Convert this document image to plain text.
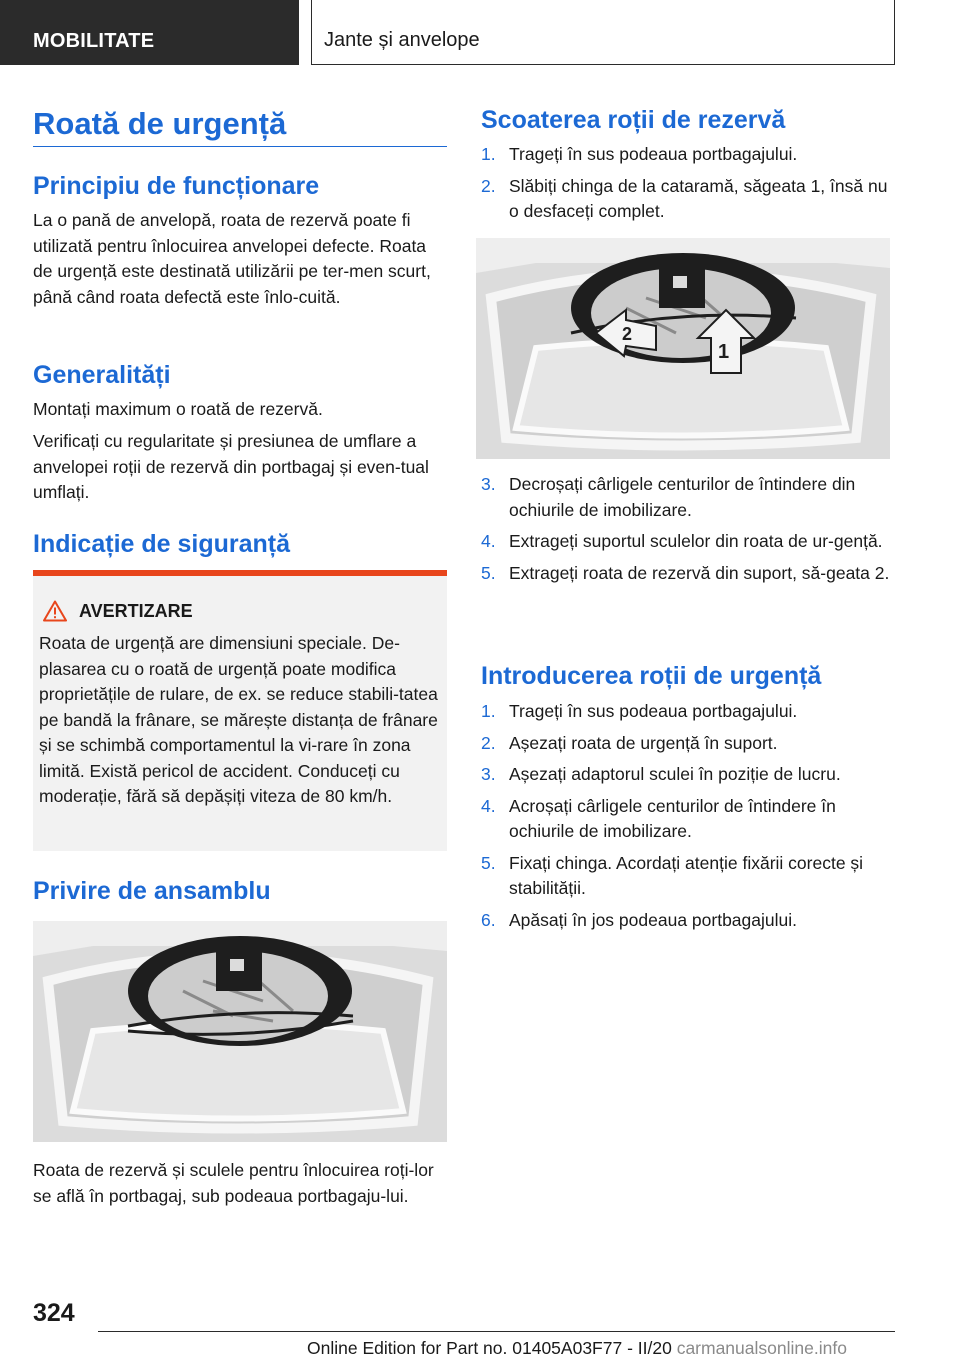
MOBILITATE	Jante și anvelope
Roată de urgență
Principiu de funcționare

La o pană de anvelopă, roata de rezervă poate fi utilizată pentru înlocuirea anvelopei defecte. Roata de urgență este destinată utilizării pe ter-men scurt, până când roata defectă este înlo-cuită.

Generalități

Montați maximum o roată de rezervă.

Verificați cu regularitate și presiunea de umflare a anvelopei roții de rezervă din portbagaj și even-tual umflați.

Indicație de siguranță
AVERTIZARE

Roata de urgență are dimensiuni speciale. De-plasarea cu o roată de urgență poate modifica proprietățile de rulare, de ex. se reduce stabili-tatea pe bandă la frânare, se mărește distanța de frânare și se schimbă comportamentul la vi-rare în zona limită. Există pericol de accident. Conduceți cu moderație, fără să depășiți viteza de 80 km/h.

Privire de ansamblu

Roata de rezervă și sculele pentru înlocuirea roți-lor se află în portbagaj, sub podeaua portbagaju-lui.

Scoaterea roții de rezervă
1. Trageți în sus podeaua portbagajului.
2. Slăbiți chinga de la cataramă, săgeata 1, însă nu o desfaceți complet.
1
2
3. Decroșați cârligele centurilor de întindere din ochiurile de imobilizare.
4. Extrageți suportul sculelor din roata de ur-gență.
5. Extrageți roata de rezervă din suport, să-geata 2.
Introducerea roții de urgență
1. Trageți în sus podeaua portbagajului.
2. Așezați roata de urgență în suport.
3. Așezați adaptorul sculei în poziție de lucru.
4. Acroșați cârligele centurilor de întindere în ochiurile de imobilizare.
5. Fixați chinga. Acordați atenție fixării corecte și stabilității.
6. Apăsați în jos podeaua portbagajului.
324
Online Edition for Part no. 01405A03F77 - II/20 carmanualsonline.info
